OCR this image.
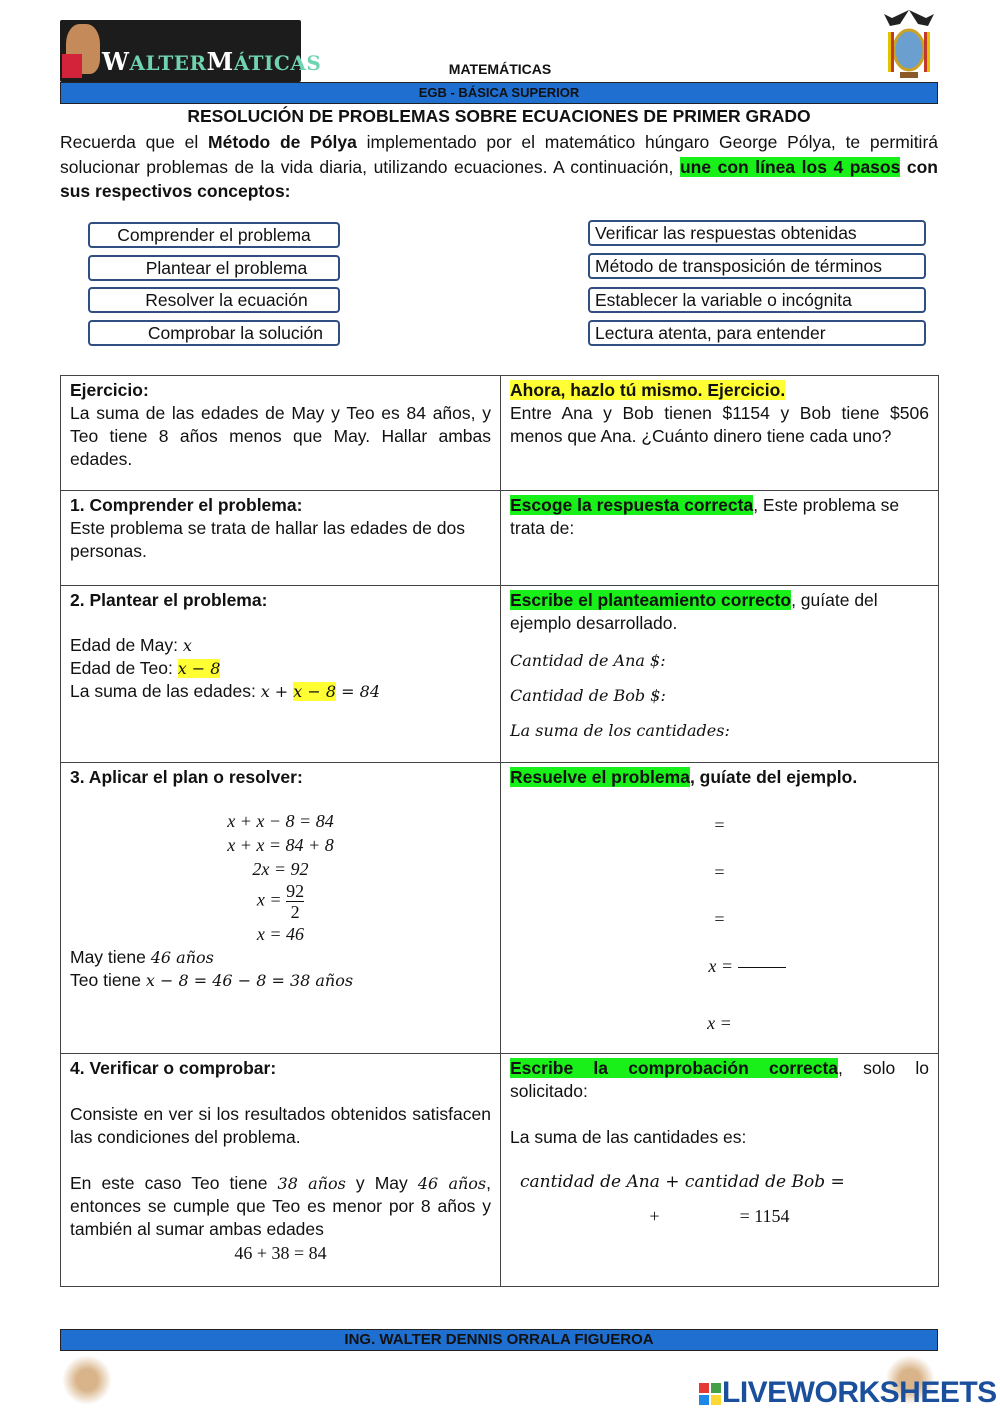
WALTERMÁTICAS	MATEMÁTICAS
EGB - BÁSICA SUPERIOR
RESOLUCIÓN DE PROBLEMAS SOBRE ECUACIONES DE PRIMER GRADO
Recuerda que el Método de Pólya implementado por el matemático húngaro George Pólya, te permitirá solucionar problemas de la vida diaria, utilizando ecuaciones. A continuación, une con línea los 4 pasos con sus respectivos conceptos:
Comprender el problema
Plantear el problema
Resolver la ecuación
Comprobar la solución
Verificar las respuestas obtenidas
Método de transposición de términos
Establecer la variable o incógnita
Lectura atenta, para entender
Ejercicio:
La suma de las edades de May y Teo es 84 años, y Teo tiene 8 años menos que May. Hallar ambas edades.
Ahora, hazlo tú mismo. Ejercicio.
Entre Ana y Bob tienen $1154 y Bob tiene $506 menos que Ana. ¿Cuánto dinero tiene cada uno?
1. Comprender el problema:
Este problema se trata de hallar las edades de dos personas.
Escoge la respuesta correcta, Este problema se trata de:
2. Plantear el problema:
Edad de May: x
Edad de Teo: x − 8
La suma de las edades: x + x − 8 = 84
Escribe el planteamiento correcto, guíate del ejemplo desarrollado.
Cantidad de Ana $:
Cantidad de Bob $:
La suma de los cantidades:
3. Aplicar el plan o resolver:
x + x − 8 = 84
x + x = 84 + 8
2x = 92
$x = \frac{92}{2}$
x = 46
May tiene 46 años
Teo tiene x − 8 = 46 − 8 = 38 años
Resuelve el problema, guíate del ejemplo.
=
=
=
x =
x =
4. Verificar o comprobar:
Consiste en ver si los resultados obtenidos satisfacen las condiciones del problema.
En este caso Teo tiene 38 años y May 46 años, entonces se cumple que Teo es menor por 8 años y también al sumar ambas edades
46 + 38 = 84
Escribe la comprobación correcta, solo lo solicitado:
La suma de las cantidades es:
cantidad de Ana + cantidad de Bob =
+	= 1154
ING. WALTER DENNIS ORRALA FIGUEROA
LIVEWORKSHEETS
